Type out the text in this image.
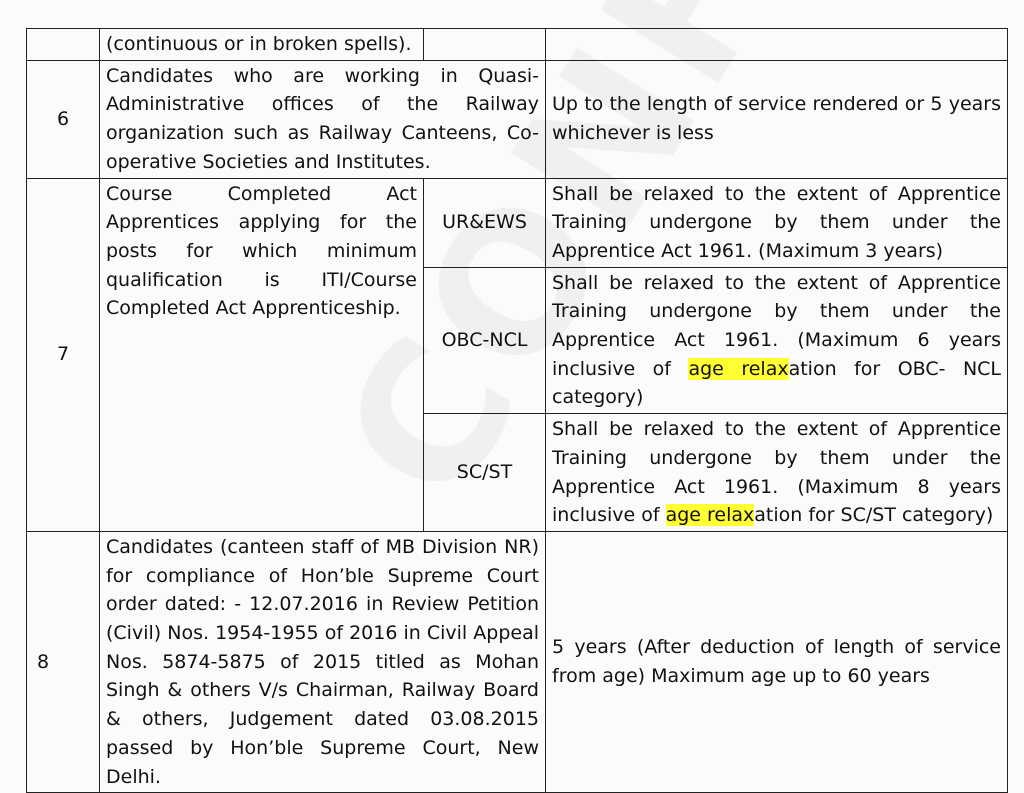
	(continuous or in broken spells).		
6	Candidates who are working in Quasi-Administrative offices of the Railway organization such as Railway Canteens, Co-operative Societies and Institutes.		Up to the length of service rendered or 5 years whichever is less
7	Course Completed Act Apprentices applying for the posts for which minimum qualification is ITI/Course Completed Act Apprenticeship.	UR&EWS	Shall be relaxed to the extent of Apprentice Training undergone by them under the Apprentice Act 1961. (Maximum 3 years)
		OBC-NCL	Shall be relaxed to the extent of Apprentice Training undergone by them under the Apprentice Act 1961. (Maximum 6 years inclusive of age relaxation for OBC- NCL category)
		SC/ST	Shall be relaxed to the extent of Apprentice Training undergone by them under the Apprentice Act 1961. (Maximum 8 years inclusive of age relaxation for SC/ST category)
8	Candidates (canteen staff of MB Division NR) for compliance of Hon’ble Supreme Court order dated: - 12.07.2016 in Review Petition (Civil) Nos. 1954-1955 of 2016 in Civil Appeal Nos. 5874-5875 of 2015 titled as Mohan Singh & others V/s Chairman, Railway Board & others, Judgement dated 03.08.2015 passed by Hon’ble Supreme Court, New Delhi.		5 years (After deduction of length of service from age) Maximum age up to 60 years
